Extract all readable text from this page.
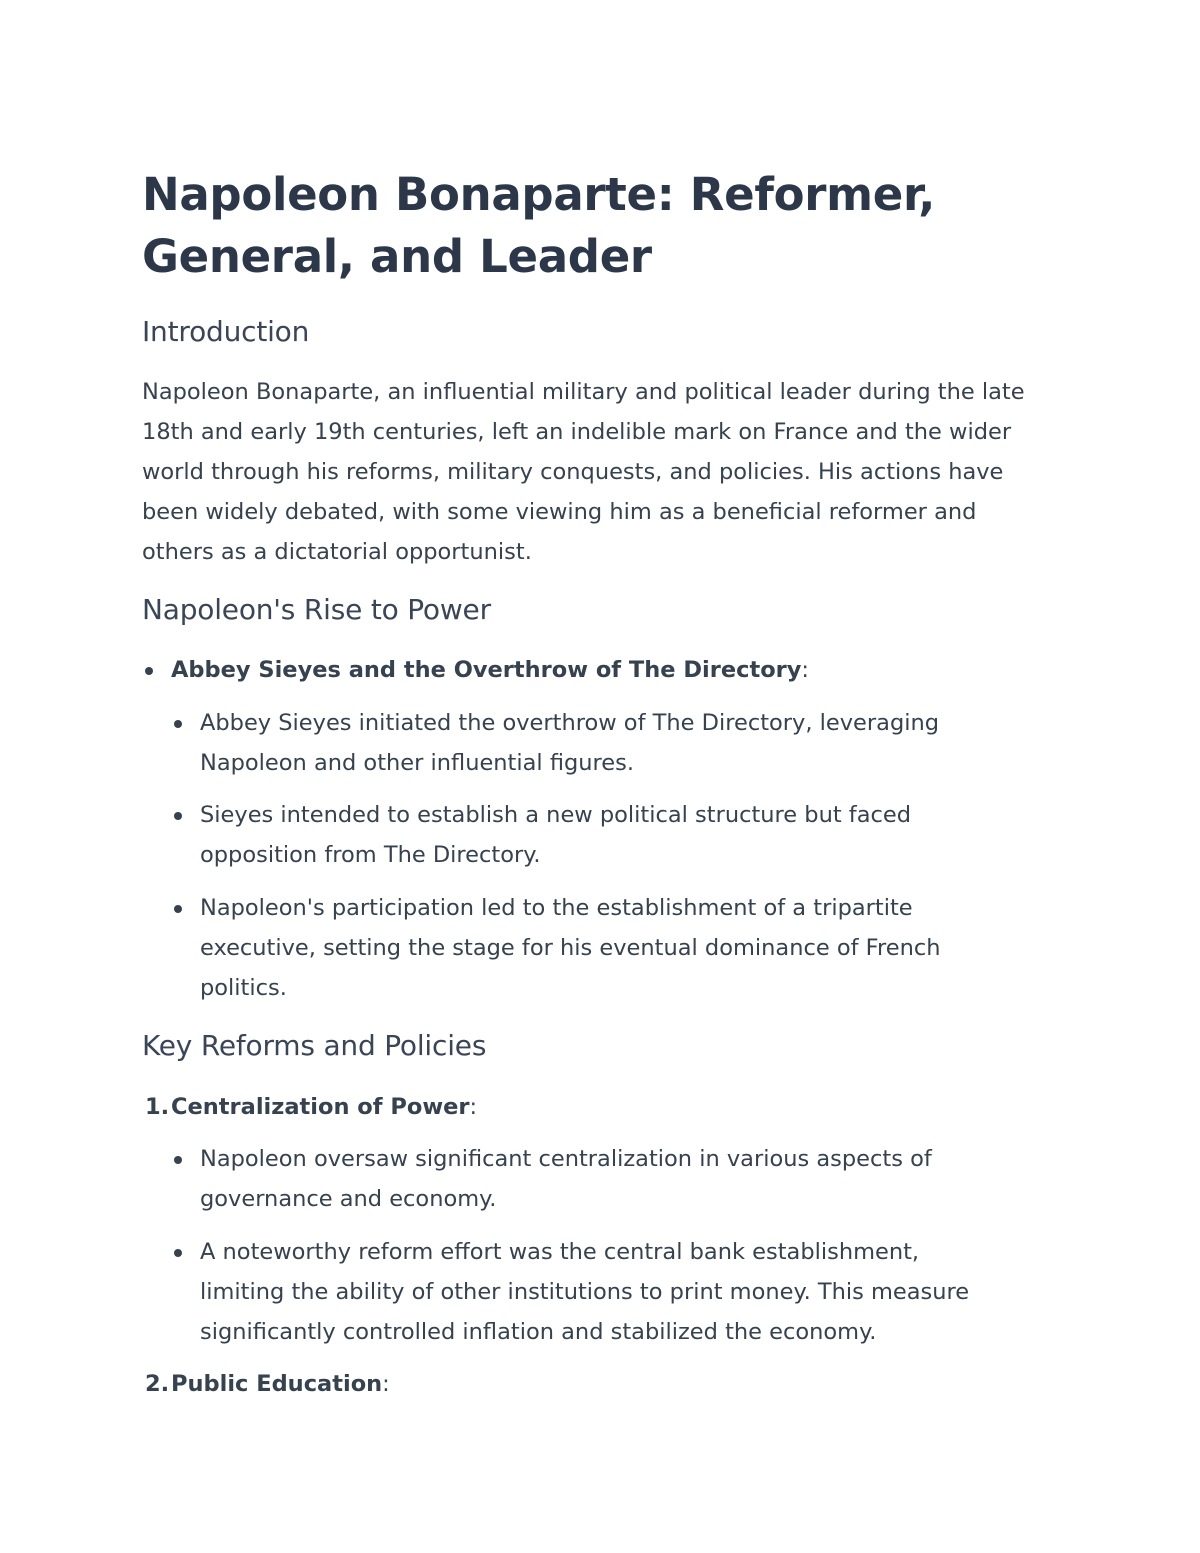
Napoleon Bonaparte: Reformer, General, and Leader
Introduction

Napoleon Bonaparte, an influential military and political leader during the late 18th and early 19th centuries, left an indelible mark on France and the wider world through his reforms, military conquests, and policies. His actions have been widely debated, with some viewing him as a beneficial reformer and others as a dictatorial opportunist.

Napoleon's Rise to Power
Abbey Sieyes and the Overthrow of The Directory:
Abbey Sieyes initiated the overthrow of The Directory, leveraging Napoleon and other influential figures.
Sieyes intended to establish a new political structure but faced opposition from The Directory.
Napoleon's participation led to the establishment of a tripartite executive, setting the stage for his eventual dominance of French politics.
Key Reforms and Policies
1. Centralization of Power:
Napoleon oversaw significant centralization in various aspects of governance and economy.
A noteworthy reform effort was the central bank establishment, limiting the ability of other institutions to print money. This measure significantly controlled inflation and stabilized the economy.
2. Public Education:
